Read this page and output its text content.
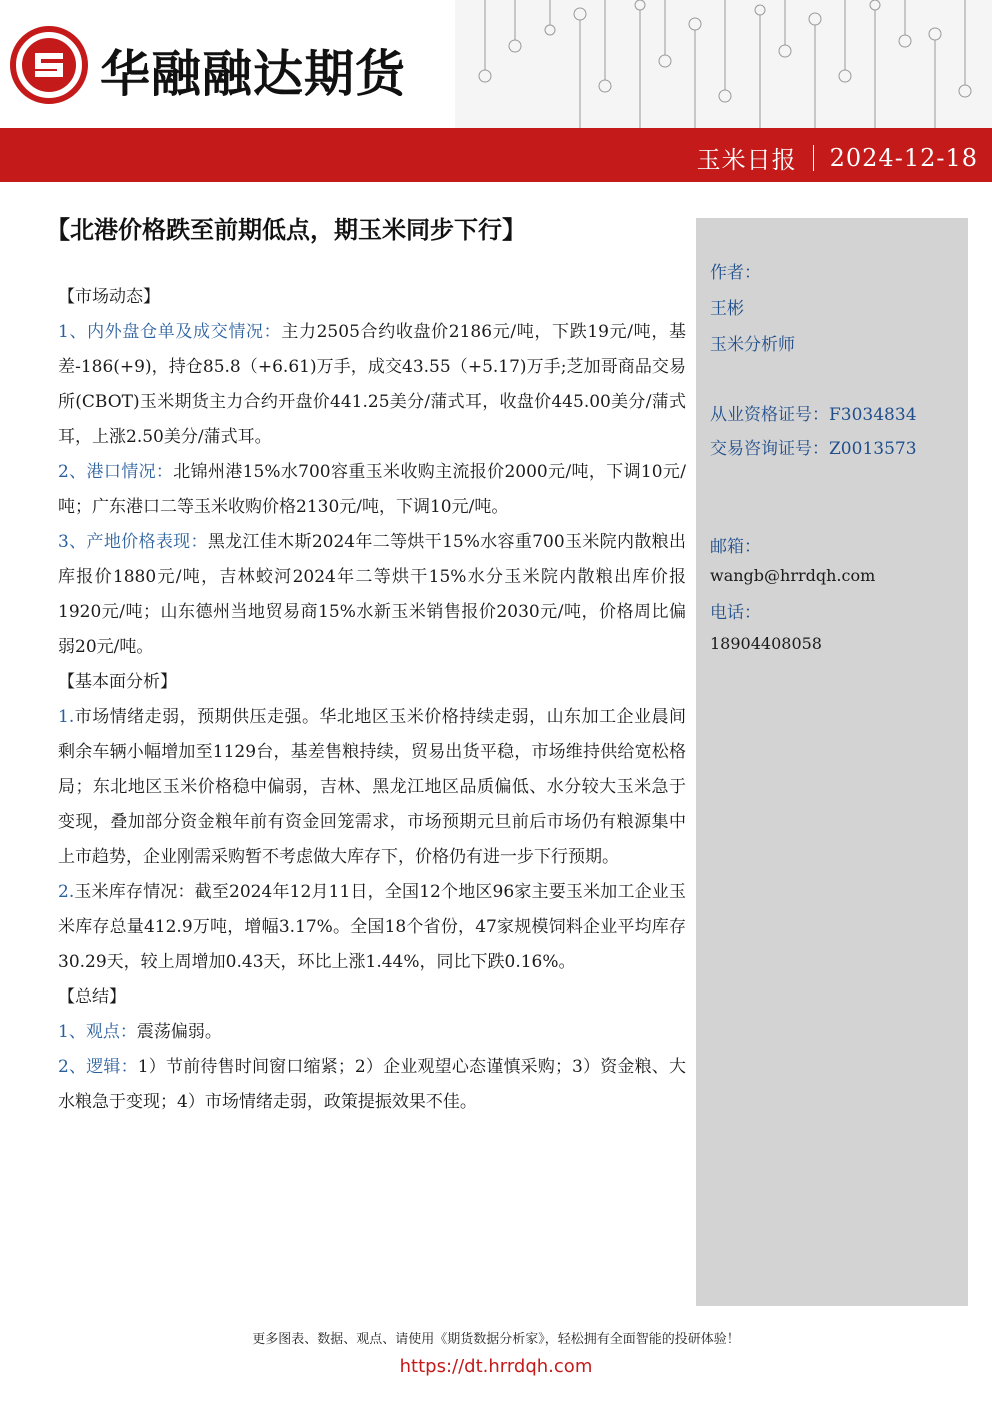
华融融达期货
玉米日报 2024-12-18
【北港价格跌至前期低点，期玉米同步下行】

【市场动态】

1、内外盘仓单及成交情况：主力2505合约收盘价2186元/吨，下跌19元/吨，基差-186(+9)，持仓85.8（+6.61)万手，成交43.55（+5.17)万手;芝加哥商品交易所(CBOT)玉米期货主力合约开盘价441.25美分/蒲式耳，收盘价445.00美分/蒲式耳，上涨2.50美分/蒲式耳。

2、港口情况：北锦州港15%水700容重玉米收购主流报价2000元/吨，下调10元/吨；广东港口二等玉米收购价格2130元/吨，下调10元/吨。

3、产地价格表现：黑龙江佳木斯2024年二等烘干15%水容重700玉米院内散粮出库报价1880元/吨，吉林蛟河2024年二等烘干15%水分玉米院内散粮出库价报1920元/吨；山东德州当地贸易商15%水新玉米销售报价2030元/吨，价格周比偏弱20元/吨。

【基本面分析】

1.市场情绪走弱，预期供压走强。华北地区玉米价格持续走弱，山东加工企业晨间剩余车辆小幅增加至1129台，基差售粮持续，贸易出货平稳，市场维持供给宽松格局；东北地区玉米价格稳中偏弱，吉林、黑龙江地区品质偏低、水分较大玉米急于变现，叠加部分资金粮年前有资金回笼需求，市场预期元旦前后市场仍有粮源集中上市趋势，企业刚需采购暂不考虑做大库存下，价格仍有进一步下行预期。

2.玉米库存情况：截至2024年12月11日，全国12个地区96家主要玉米加工企业玉米库存总量412.9万吨，增幅3.17%。全国18个省份，47家规模饲料企业平均库存30.29天，较上周增加0.43天，环比上涨1.44%，同比下跌0.16%。

【总结】

1、观点：震荡偏弱。

2、逻辑：1）节前待售时间窗口缩紧；2）企业观望心态谨慎采购；3）资金粮、大水粮急于变现；4）市场情绪走弱，政策提振效果不佳。

作者：
王彬
玉米分析师
从业资格证号：F3034834
交易咨询证号：Z0013573
邮箱：
wangb@hrrdqh.com
电话：
18904408058
更多图表、数据、观点、请使用《期货数据分析家》，轻松拥有全面智能的投研体验！
https://dt.hrrdqh.com
